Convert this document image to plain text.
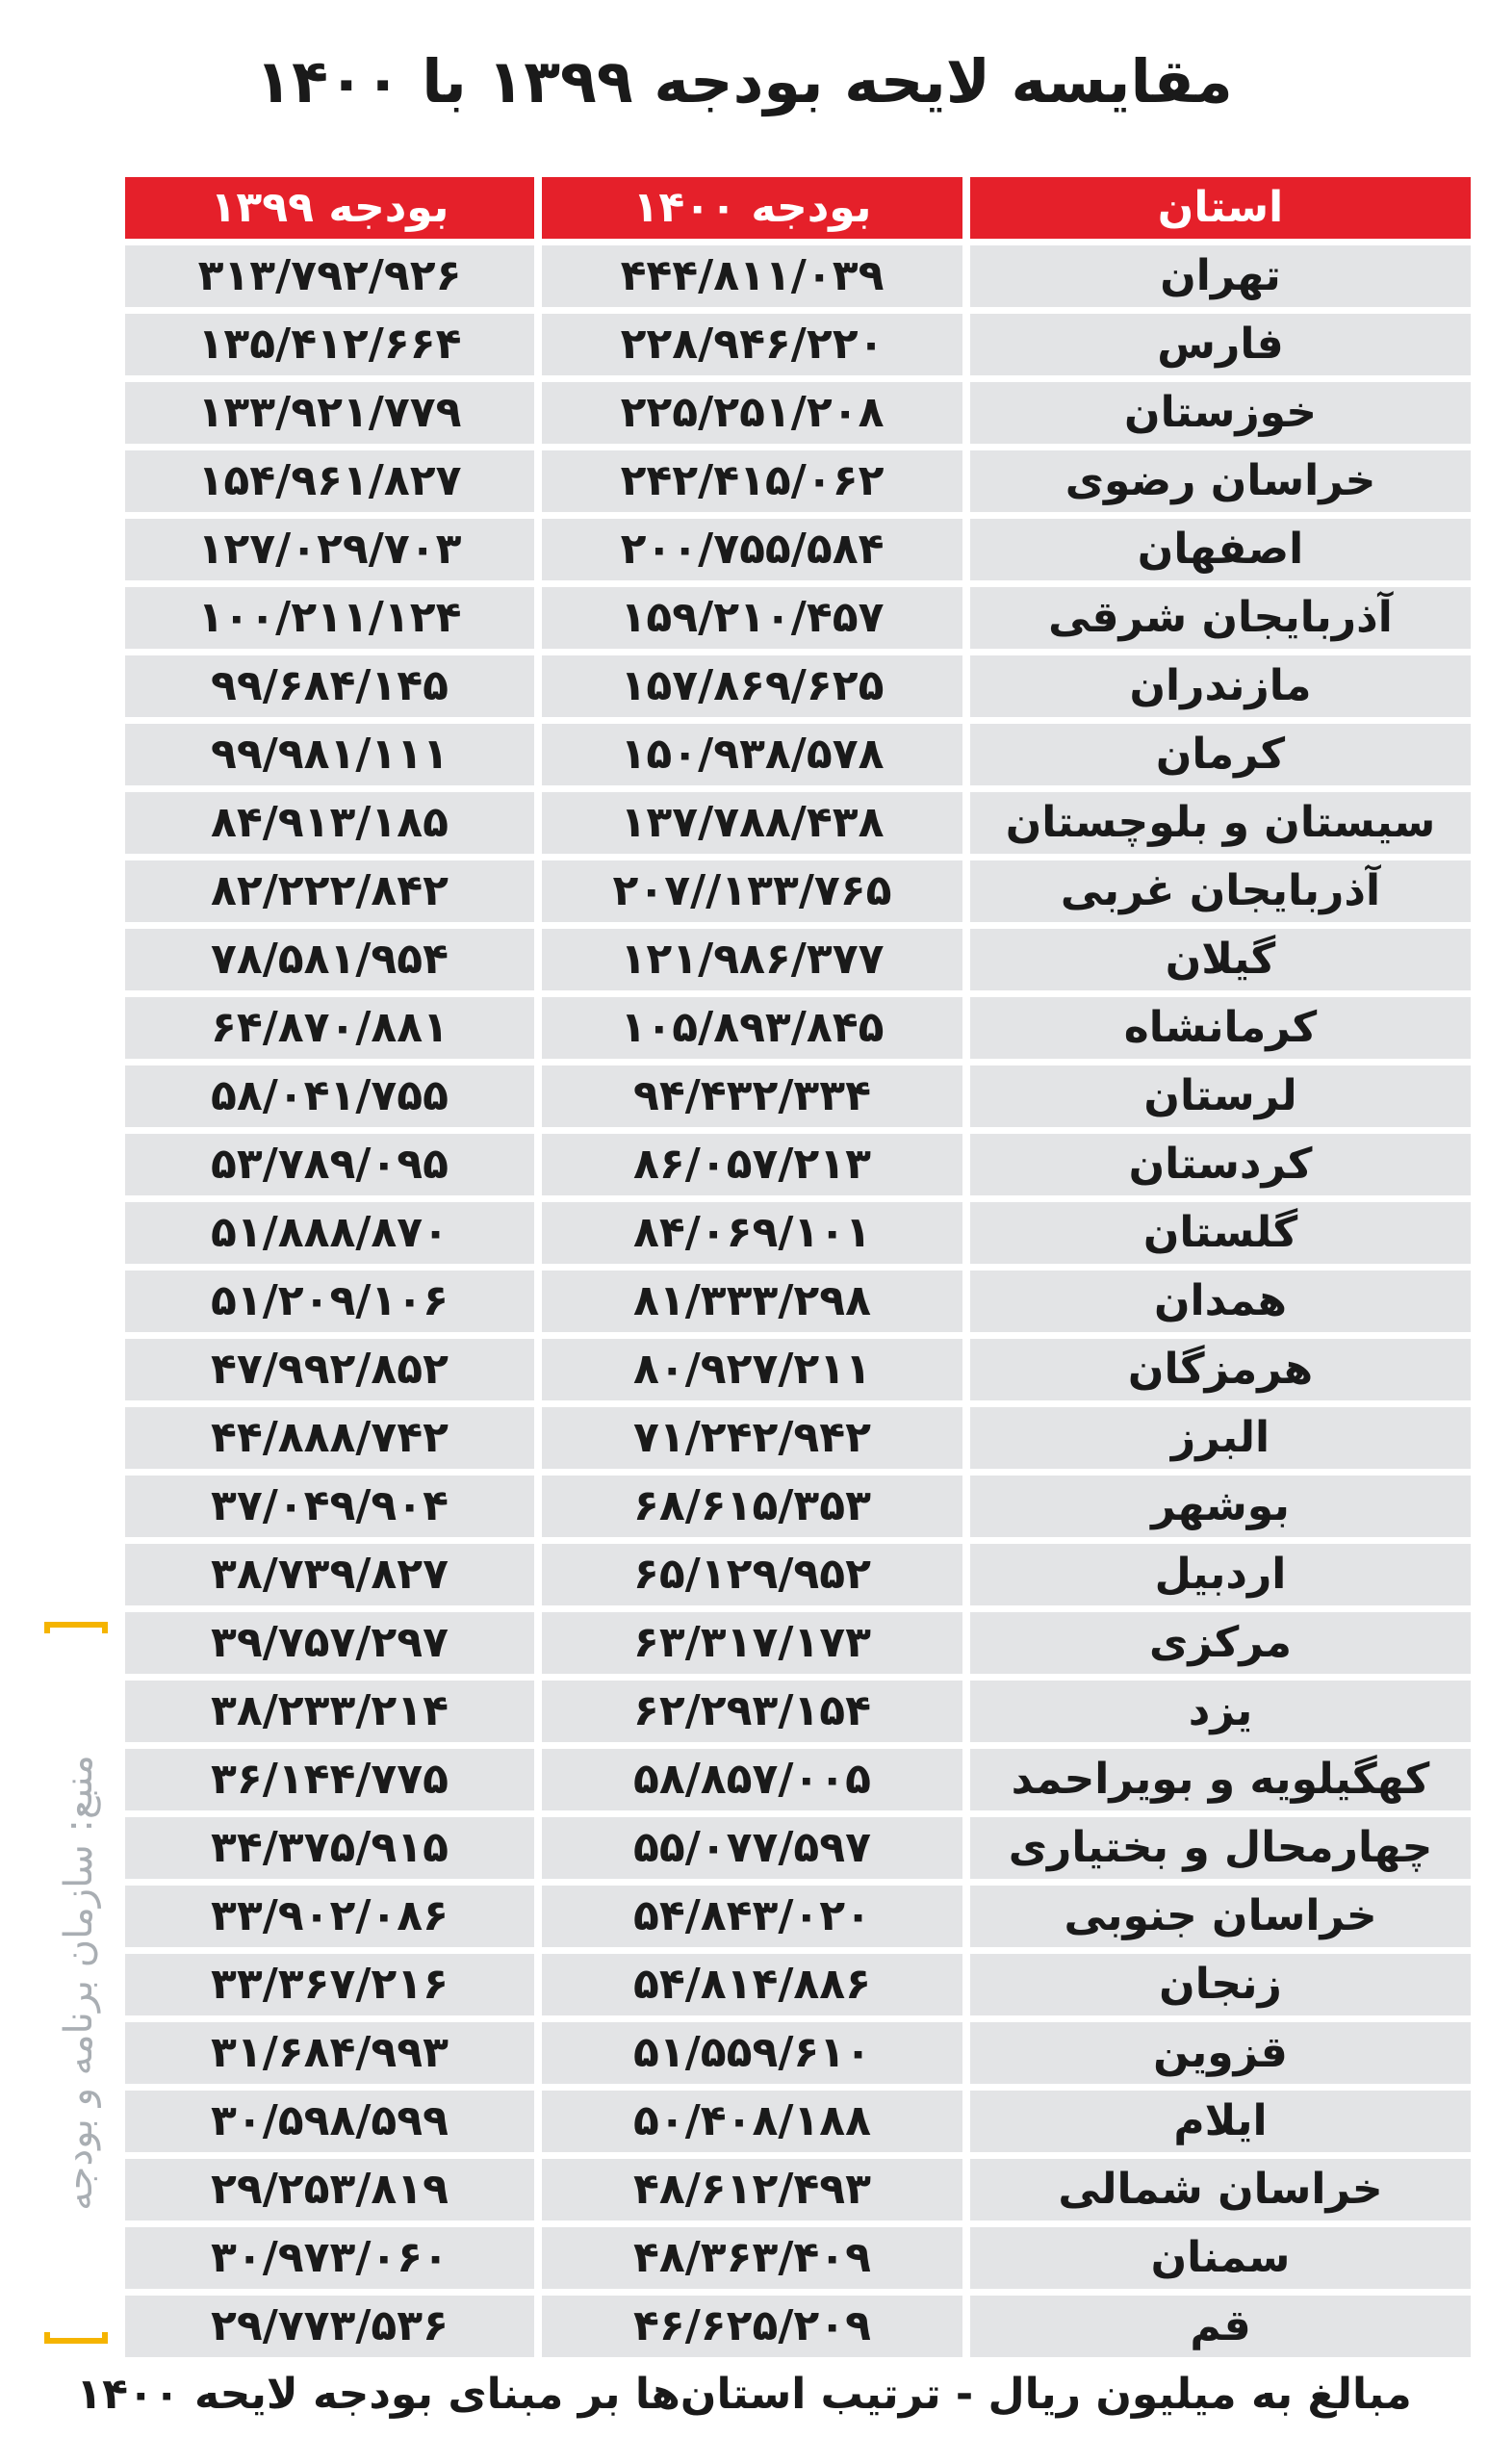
مقایسه لایحه بودجه ۱۳۹۹ با ۱۴۰۰
استان
بودجه ۱۴۰۰
بودجه ۱۳۹۹
تهران
۴۴۴/۸۱۱/۰۳۹
۳۱۳/۷۹۲/۹۲۶
فارس
۲۲۸/۹۴۶/۲۲۰
۱۳۵/۴۱۲/۶۶۴
خوزستان
۲۲۵/۲۵۱/۲۰۸
۱۳۳/۹۲۱/۷۷۹
خراسان رضوی
۲۴۲/۴۱۵/۰۶۲
۱۵۴/۹۶۱/۸۲۷
اصفهان
۲۰۰/۷۵۵/۵۸۴
۱۲۷/۰۲۹/۷۰۳
آذربایجان شرقی
۱۵۹/۲۱۰/۴۵۷
۱۰۰/۲۱۱/۱۲۴
مازندران
۱۵۷/۸۶۹/۶۲۵
۹۹/۶۸۴/۱۴۵
کرمان
۱۵۰/۹۳۸/۵۷۸
۹۹/۹۸۱/۱۱۱
سیستان و بلوچستان
۱۳۷/۷۸۸/۴۳۸
۸۴/۹۱۳/۱۸۵
آذربایجان غربی
۱۳۳/۷۶۵//۲۰۷
۸۲/۲۲۲/۸۴۲
گیلان
۱۲۱/۹۸۶/۳۷۷
۷۸/۵۸۱/۹۵۴
کرمانشاه
۱۰۵/۸۹۳/۸۴۵
۶۴/۸۷۰/۸۸۱
لرستان
۹۴/۴۳۲/۳۳۴
۵۸/۰۴۱/۷۵۵
کردستان
۸۶/۰۵۷/۲۱۳
۵۳/۷۸۹/۰۹۵
گلستان
۸۴/۰۶۹/۱۰۱
۵۱/۸۸۸/۸۷۰
همدان
۸۱/۳۳۳/۲۹۸
۵۱/۲۰۹/۱۰۶
هرمزگان
۸۰/۹۲۷/۲۱۱
۴۷/۹۹۲/۸۵۲
البرز
۷۱/۲۴۲/۹۴۲
۴۴/۸۸۸/۷۴۲
بوشهر
۶۸/۶۱۵/۳۵۳
۳۷/۰۴۹/۹۰۴
اردبیل
۶۵/۱۲۹/۹۵۲
۳۸/۷۳۹/۸۲۷
مرکزی
۶۳/۳۱۷/۱۷۳
۳۹/۷۵۷/۲۹۷
یزد
۶۲/۲۹۳/۱۵۴
۳۸/۲۳۳/۲۱۴
کهگیلویه و بویراحمد
۵۸/۸۵۷/۰۰۵
۳۶/۱۴۴/۷۷۵
چهارمحال و بختیاری
۵۵/۰۷۷/۵۹۷
۳۴/۳۷۵/۹۱۵
خراسان جنوبی
۵۴/۸۴۳/۰۲۰
۳۳/۹۰۲/۰۸۶
زنجان
۵۴/۸۱۴/۸۸۶
۳۳/۳۶۷/۲۱۶
قزوین
۵۱/۵۵۹/۶۱۰
۳۱/۶۸۴/۹۹۳
ایلام
۵۰/۴۰۸/۱۸۸
۳۰/۵۹۸/۵۹۹
خراسان شمالی
۴۸/۶۱۲/۴۹۳
۲۹/۲۵۳/۸۱۹
سمنان
۴۸/۳۶۳/۴۰۹
۳۰/۹۷۳/۰۶۰
قم
۴۶/۶۲۵/۲۰۹
۲۹/۷۷۳/۵۳۶
منبع: سازمان برنامه و بودجه
مبالغ به میلیون ریال - ترتیب استان‌ها بر مبنای بودجه لایحه ۱۴۰۰
